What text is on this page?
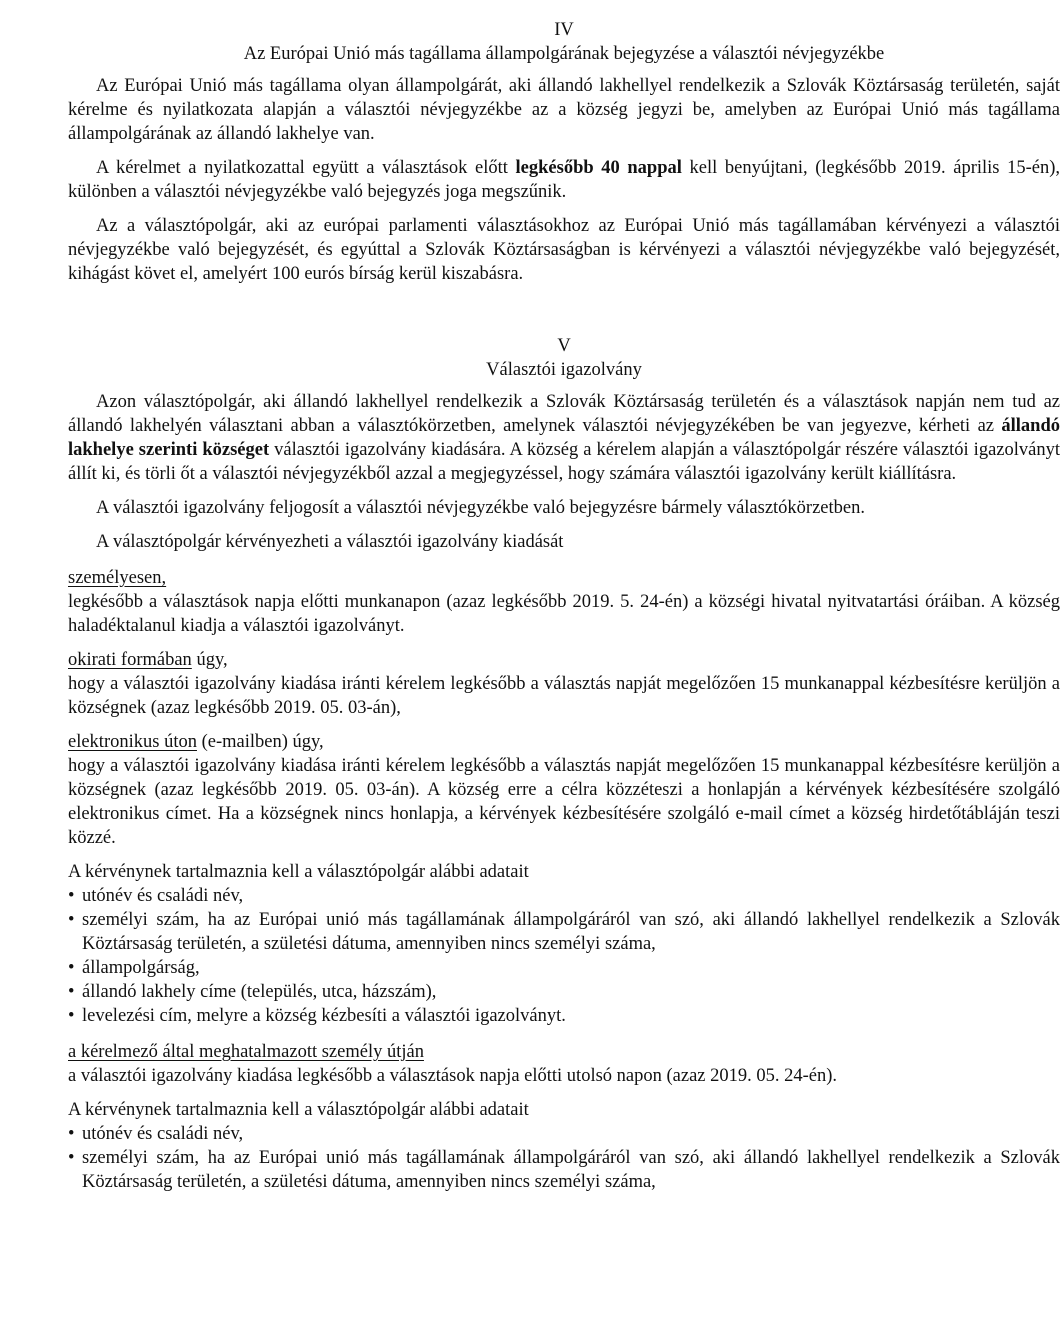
IV

Az Európai Unió más tagállama állampolgárának bejegyzése a választói névjegyzékbe

Az Európai Unió más tagállama olyan állampolgárát, aki állandó lakhellyel rendelkezik a Szlovák Köztársaság területén, saját kérelme és nyilatkozata alapján a választói névjegyzékbe az a község jegyzi be, amelyben az Európai Unió más tagállama állampolgárának az állandó lakhelye van.

A kérelmet a nyilatkozattal együtt a választások előtt legkésőbb 40 nappal kell benyújtani, (legkésőbb 2019. április 15-én), különben a választói névjegyzékbe való bejegyzés joga megszűnik.

Az a választópolgár, aki az európai parlamenti választásokhoz az Európai Unió más tagállamában kérvényezi a választói névjegyzékbe való bejegyzését, és egyúttal a Szlovák Köztársaságban is kérvényezi a választói névjegyzékbe való bejegyzését, kihágást követ el, amelyért 100 eurós bírság kerül kiszabásra.

V

Választói igazolvány

Azon választópolgár, aki állandó lakhellyel rendelkezik a Szlovák Köztársaság területén és a választások napján nem tud az állandó lakhelyén választani abban a választókörzetben, amelynek választói névjegyzékében be van jegyezve, kérheti az állandó lakhelye szerinti községet választói igazolvány kiadására. A község a kérelem alapján a választópolgár részére választói igazolványt állít ki, és törli őt a választói névjegyzékből azzal a megjegyzéssel, hogy számára választói igazolvány került kiállításra.

A választói igazolvány feljogosít a választói névjegyzékbe való bejegyzésre bármely választókörzetben.

A választópolgár kérvényezheti a választói igazolvány kiadását

személyesen,

legkésőbb a választások napja előtti munkanapon (azaz legkésőbb 2019. 5. 24-én) a községi hivatal nyitvatartási óráiban. A község haladéktalanul kiadja a választói igazolványt.

okirati formában úgy,

hogy a választói igazolvány kiadása iránti kérelem legkésőbb a választás napját megelőzően 15 munkanappal kézbesítésre kerüljön a községnek (azaz legkésőbb 2019. 05. 03-án),

elektronikus úton (e-mailben) úgy,

hogy a választói igazolvány kiadása iránti kérelem legkésőbb a választás napját megelőzően 15 munkanappal kézbesítésre kerüljön a községnek (azaz legkésőbb 2019. 05. 03-án). A község erre a célra közzéteszi a honlapján a kérvények kézbesítésére szolgáló elektronikus címet. Ha a községnek nincs honlapja, a kérvények kézbesítésére szolgáló e-mail címet a község hirdetőtábláján teszi közzé.

A kérvénynek tartalmaznia kell a választópolgár alábbi adatait

• utónév és családi név,
• személyi szám, ha az Európai unió más tagállamának állampolgáráról van szó, aki állandó lakhellyel rendelkezik a Szlovák Köztársaság területén, a születési dátuma, amennyiben nincs személyi száma,
• állampolgárság,
• állandó lakhely címe (település, utca, házszám),
• levelezési cím, melyre a község kézbesíti a választói igazolványt.

a kérelmező által meghatalmazott személy útján

a választói igazolvány kiadása legkésőbb a választások napja előtti utolsó napon (azaz 2019. 05. 24-én).

A kérvénynek tartalmaznia kell a választópolgár alábbi adatait

• utónév és családi név,
• személyi szám, ha az Európai unió más tagállamának állampolgáráról van szó, aki állandó lakhellyel rendelkezik a Szlovák Köztársaság területén, a születési dátuma, amennyiben nincs személyi száma,
